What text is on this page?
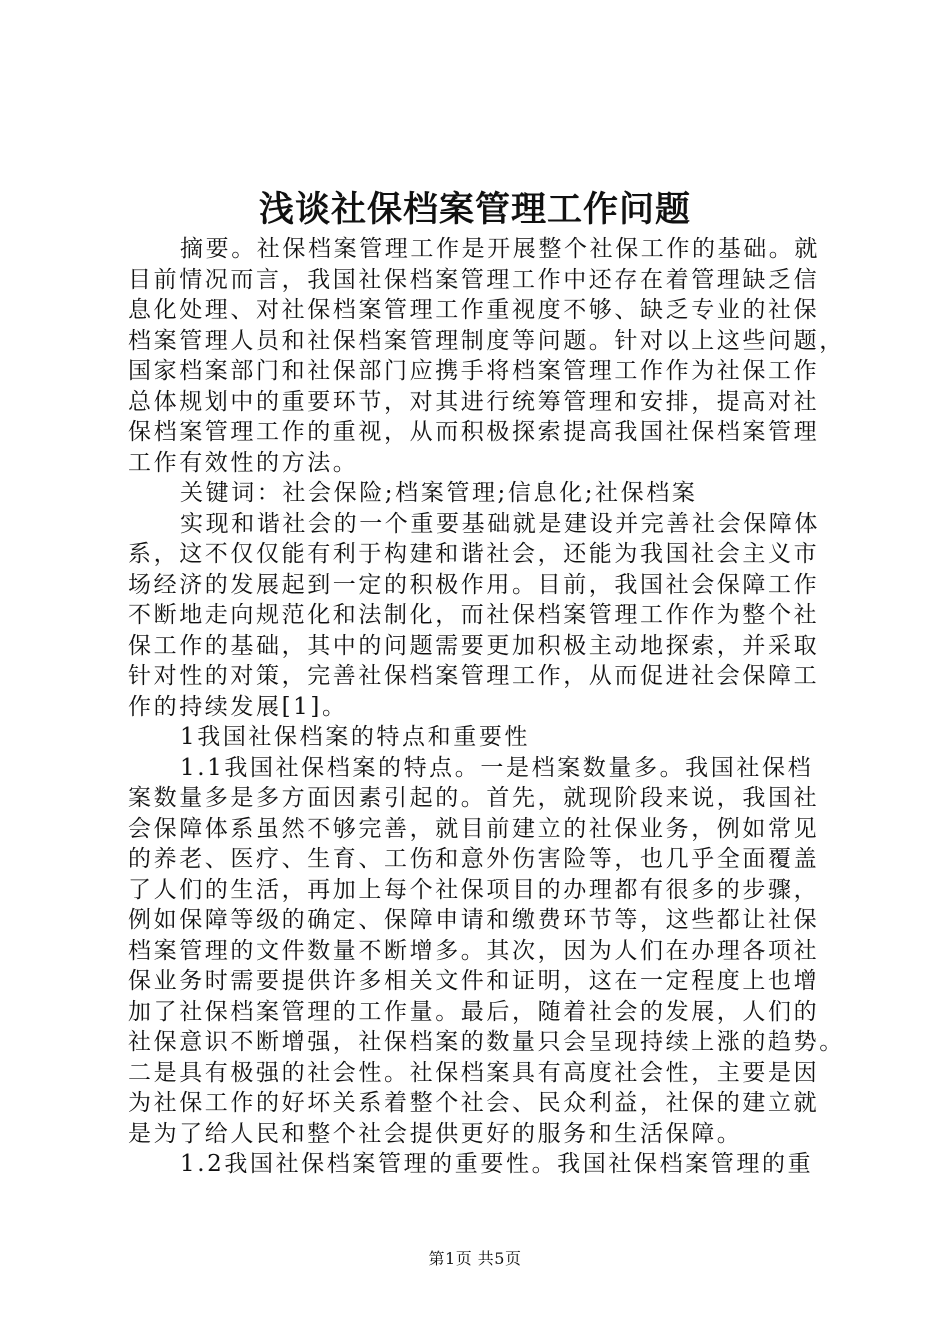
浅谈社保档案管理工作问题
摘要。社保档案管理工作是开展整个社保工作的基础。就
目前情况而言，我国社保档案管理工作中还存在着管理缺乏信
息化处理、对社保档案管理工作重视度不够、缺乏专业的社保
档案管理人员和社保档案管理制度等问题。针对以上这些问题，
国家档案部门和社保部门应携手将档案管理工作作为社保工作
总体规划中的重要环节，对其进行统筹管理和安排，提高对社
保档案管理工作的重视，从而积极探索提高我国社保档案管理
工作有效性的方法。
关键词：社会保险;档案管理;信息化;社保档案
实现和谐社会的一个重要基础就是建设并完善社会保障体
系，这不仅仅能有利于构建和谐社会，还能为我国社会主义市
场经济的发展起到一定的积极作用。目前，我国社会保障工作
不断地走向规范化和法制化，而社保档案管理工作作为整个社
保工作的基础，其中的问题需要更加积极主动地探索，并采取
针对性的对策，完善社保档案管理工作，从而促进社会保障工
作的持续发展[1]。
1我国社保档案的特点和重要性
1.1我国社保档案的特点。一是档案数量多。我国社保档
案数量多是多方面因素引起的。首先，就现阶段来说，我国社
会保障体系虽然不够完善，就目前建立的社保业务，例如常见
的养老、医疗、生育、工伤和意外伤害险等，也几乎全面覆盖
了人们的生活，再加上每个社保项目的办理都有很多的步骤，
例如保障等级的确定、保障申请和缴费环节等，这些都让社保
档案管理的文件数量不断增多。其次，因为人们在办理各项社
保业务时需要提供许多相关文件和证明，这在一定程度上也增
加了社保档案管理的工作量。最后，随着社会的发展，人们的
社保意识不断增强，社保档案的数量只会呈现持续上涨的趋势。
二是具有极强的社会性。社保档案具有高度社会性，主要是因
为社保工作的好坏关系着整个社会、民众利益，社保的建立就
是为了给人民和整个社会提供更好的服务和生活保障。
1.2我国社保档案管理的重要性。我国社保档案管理的重
第1页 共5页
